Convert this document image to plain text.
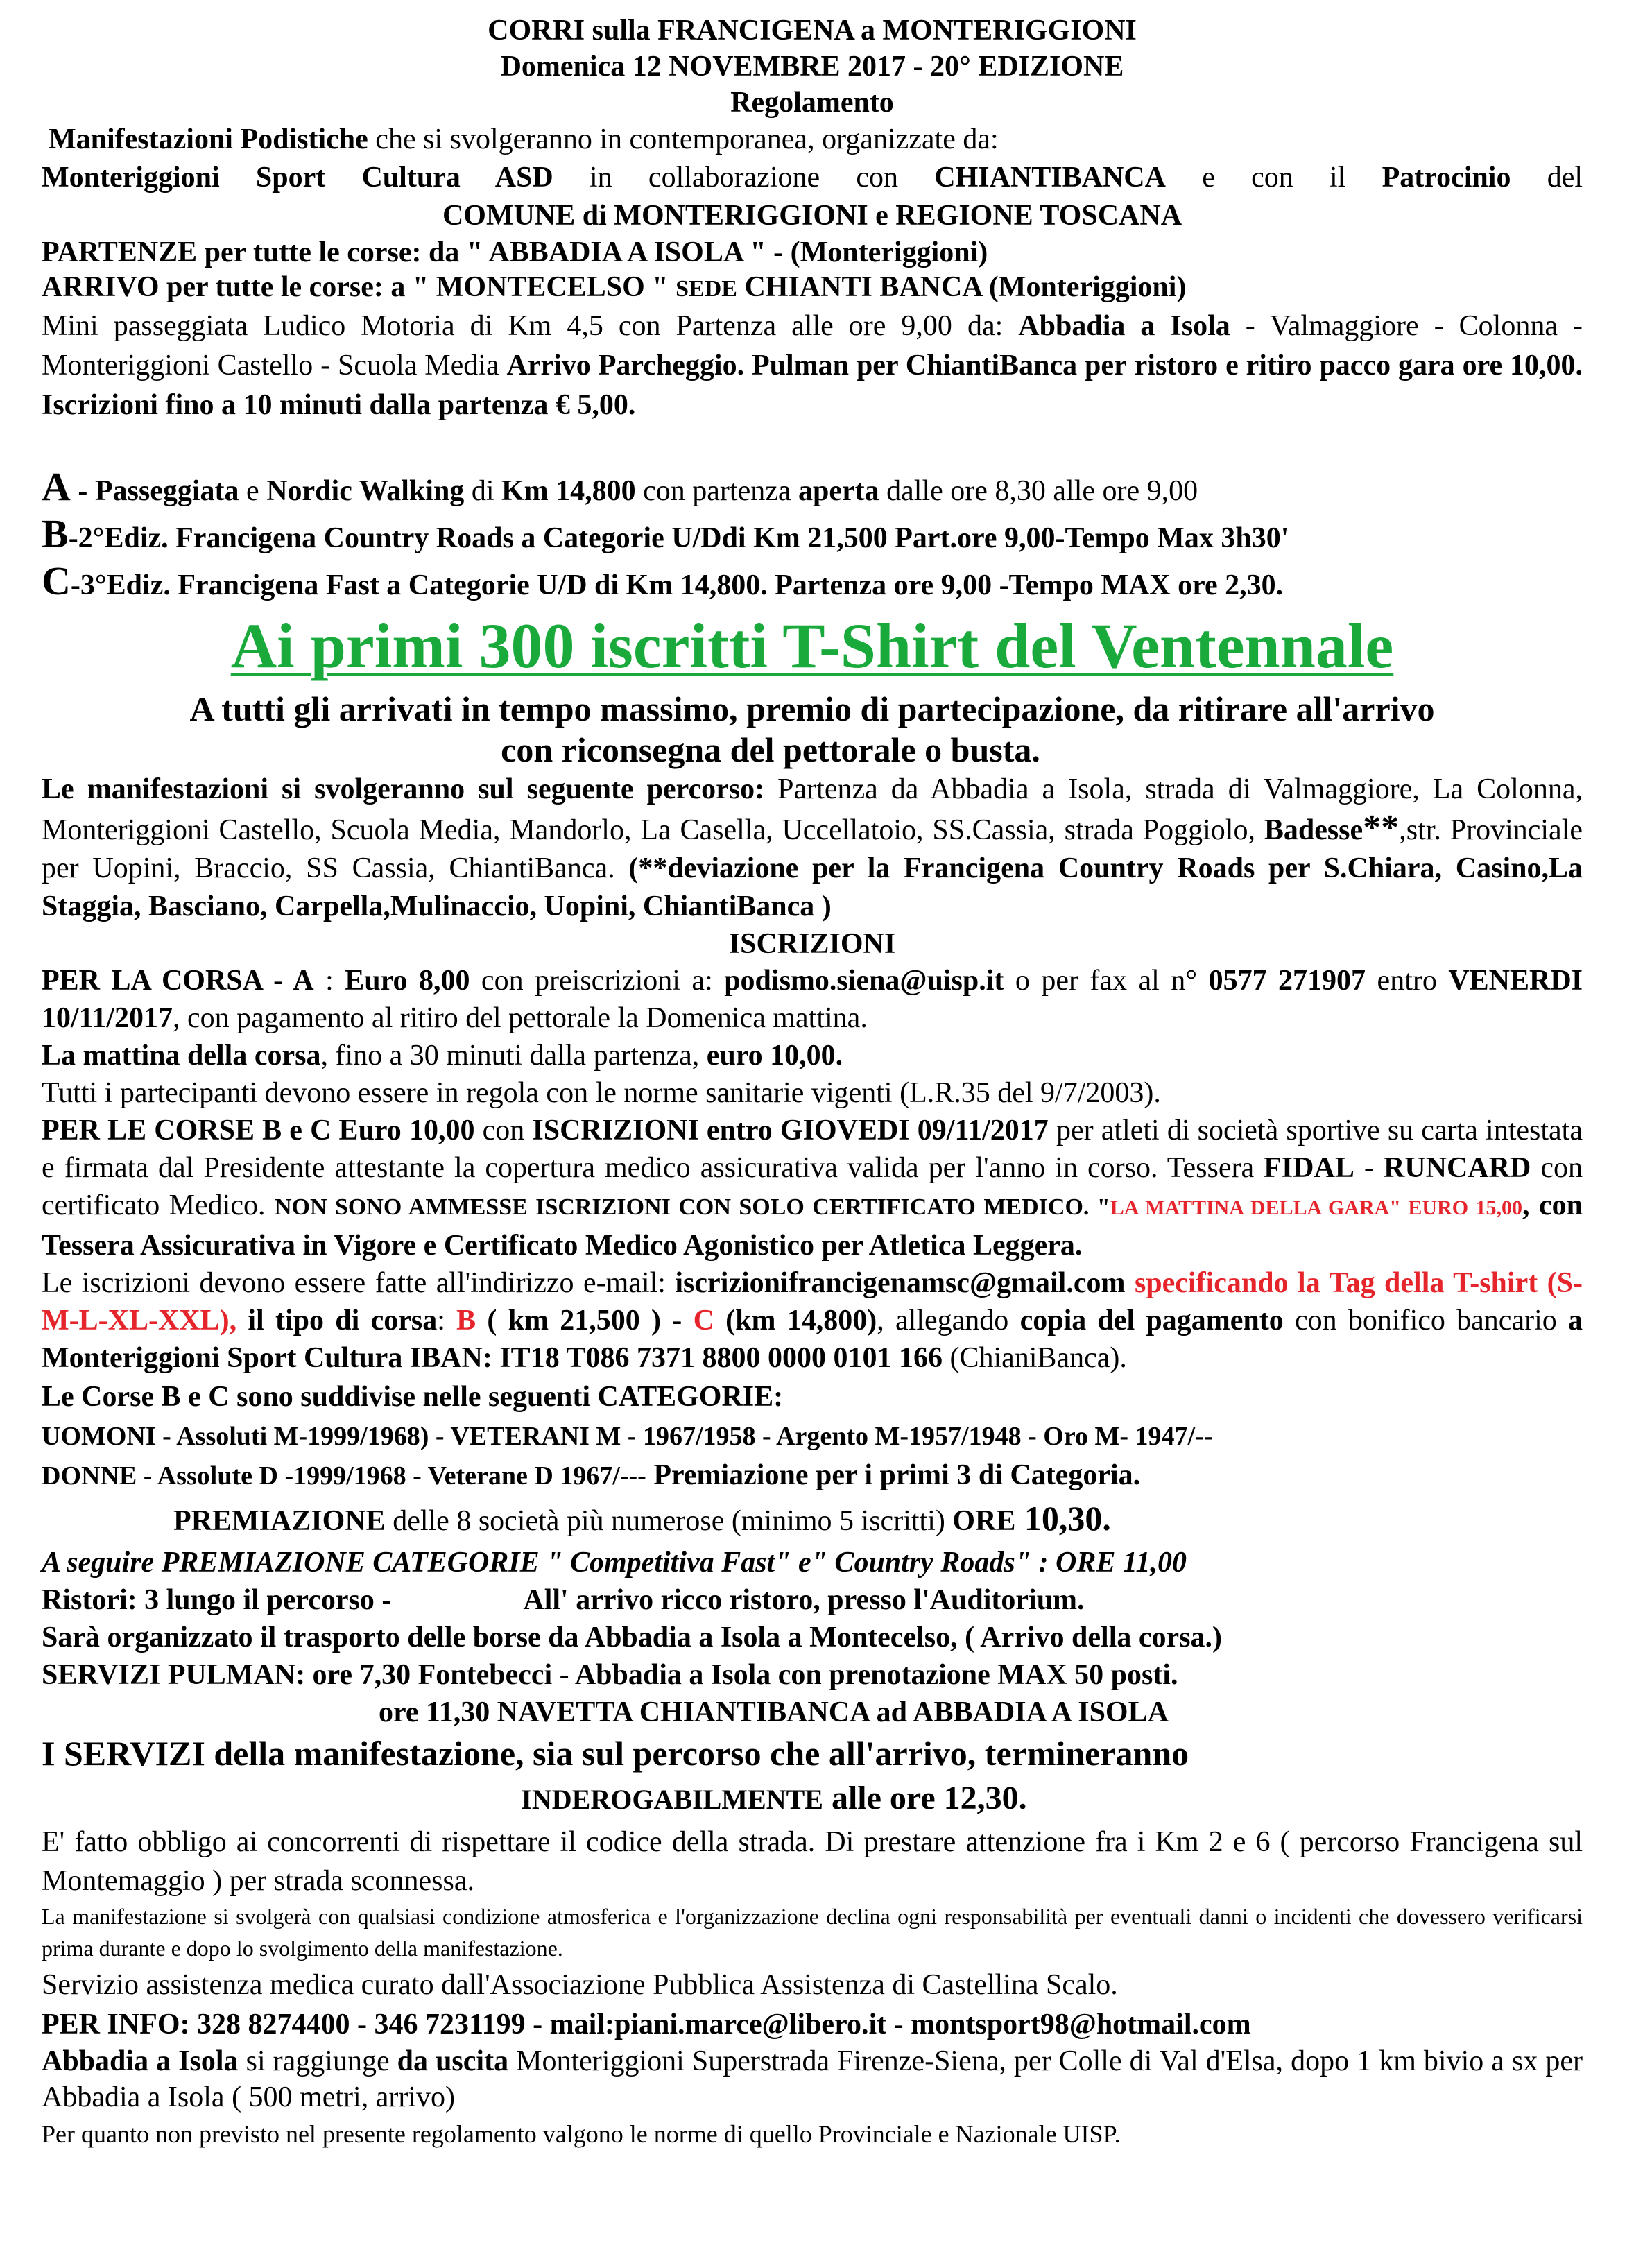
CORRI sulla FRANCIGENA a MONTERIGGIONI

Domenica 12 NOVEMBRE 2017 - 20° EDIZIONE

Regolamento

Manifestazioni Podistiche che si svolgeranno in contemporanea, organizzate da:

Monteriggioni Sport Cultura ASD in collaborazione con CHIANTIBANCA e con il Patrocinio del

COMUNE di MONTERIGGIONI e REGIONE TOSCANA

PARTENZE per tutte le corse: da " ABBADIA A ISOLA " - (Monteriggioni)

ARRIVO per tutte le corse: a " MONTECELSO " SEDE CHIANTI BANCA (Monteriggioni)

Mini passeggiata Ludico Motoria di Km 4,5 con Partenza alle ore 9,00 da: Abbadia a Isola - Valmaggiore - Colonna - Monteriggioni Castello - Scuola Media Arrivo Parcheggio. Pulman per ChiantiBanca per ristoro e ritiro pacco gara ore 10,00. Iscrizioni fino a 10 minuti dalla partenza € 5,00.

A - Passeggiata e Nordic Walking di Km 14,800 con partenza aperta dalle ore 8,30 alle ore 9,00

B-2°Ediz. Francigena Country Roads a Categorie U/Ddi Km 21,500 Part.ore 9,00-Tempo Max 3h30'

C-3°Ediz. Francigena Fast a Categorie U/D di Km 14,800. Partenza ore 9,00 -Tempo MAX ore 2,30.

Ai primi 300 iscritti T-Shirt del Ventennale

A tutti gli arrivati in tempo massimo, premio di partecipazione, da ritirare all'arrivo

con riconsegna del pettorale o busta.

Le manifestazioni si svolgeranno sul seguente percorso: Partenza da Abbadia a Isola, strada di Valmaggiore, La Colonna, Monteriggioni Castello, Scuola Media, Mandorlo, La Casella, Uccellatoio, SS.Cassia, strada Poggiolo, Badesse**,str. Provinciale per Uopini, Braccio, SS Cassia, ChiantiBanca. (**deviazione per la Francigena Country Roads per S.Chiara, Casino,La Staggia, Basciano, Carpella,Mulinaccio, Uopini, ChiantiBanca )

ISCRIZIONI

PER LA CORSA - A : Euro 8,00 con preiscrizioni a: podismo.siena@uisp.it o per fax al n° 0577 271907 entro VENERDI 10/11/2017, con pagamento al ritiro del pettorale la Domenica mattina.

La mattina della corsa, fino a 30 minuti dalla partenza, euro 10,00.

Tutti i partecipanti devono essere in regola con le norme sanitarie vigenti (L.R.35 del 9/7/2003).

PER LE CORSE B e C Euro 10,00 con ISCRIZIONI entro GIOVEDI 09/11/2017 per atleti di società sportive su carta intestata e firmata dal Presidente attestante la copertura medico assicurativa valida per l'anno in corso. Tessera FIDAL - RUNCARD con certificato Medico. NON SONO AMMESSE ISCRIZIONI CON SOLO CERTIFICATO MEDICO. "LA MATTINA DELLA GARA" EURO 15,00, con Tessera Assicurativa in Vigore e Certificato Medico Agonistico per Atletica Leggera.

Le iscrizioni devono essere fatte all'indirizzo e-mail: iscrizionifrancigenamsc@gmail.com specificando la Tag della T-shirt (S-M-L-XL-XXL), il tipo di corsa: B ( km 21,500 ) - C (km 14,800), allegando copia del pagamento con bonifico bancario a Monteriggioni Sport Cultura IBAN: IT18 T086 7371 8800 0000 0101 166 (ChianiBanca).

Le Corse B e C sono suddivise nelle seguenti CATEGORIE:

UOMONI - Assoluti M-1999/1968) - VETERANI M - 1967/1958 - Argento M-1957/1948 - Oro M- 1947/--

DONNE - Assolute D -1999/1968 - Veterane D 1967/--- Premiazione per i primi 3 di Categoria.

PREMIAZIONE delle 8 società più numerose (minimo 5 iscritti) ORE 10,30.

A seguire PREMIAZIONE CATEGORIE " Competitiva Fast" e" Country Roads" : ORE 11,00

Ristori: 3 lungo il percorso -	All' arrivo ricco ristoro, presso l'Auditorium.

Sarà organizzato il trasporto delle borse da Abbadia a Isola a Montecelso, ( Arrivo della corsa.)

SERVIZI PULMAN: ore 7,30 Fontebecci - Abbadia a Isola con prenotazione MAX 50 posti.

ore 11,30 NAVETTA CHIANTIBANCA ad ABBADIA A ISOLA

I SERVIZI della manifestazione, sia sul percorso che all'arrivo, termineranno

INDEROGABILMENTE alle ore 12,30.

E' fatto obbligo ai concorrenti di rispettare il codice della strada. Di prestare attenzione fra i Km 2 e 6 ( percorso Francigena sul Montemaggio ) per strada sconnessa.

La manifestazione si svolgerà con qualsiasi condizione atmosferica e l'organizzazione declina ogni responsabilità per eventuali danni o incidenti che dovessero verificarsi prima durante e dopo lo svolgimento della manifestazione.

Servizio assistenza medica curato dall'Associazione Pubblica Assistenza di Castellina Scalo.

PER INFO: 328 8274400 - 346 7231199 - mail:piani.marce@libero.it - montsport98@hotmail.com

Abbadia a Isola si raggiunge da uscita Monteriggioni Superstrada Firenze-Siena, per Colle di Val d'Elsa, dopo 1 km bivio a sx per Abbadia a Isola ( 500 metri, arrivo)

Per quanto non previsto nel presente regolamento valgono le norme di quello Provinciale e Nazionale UISP.
